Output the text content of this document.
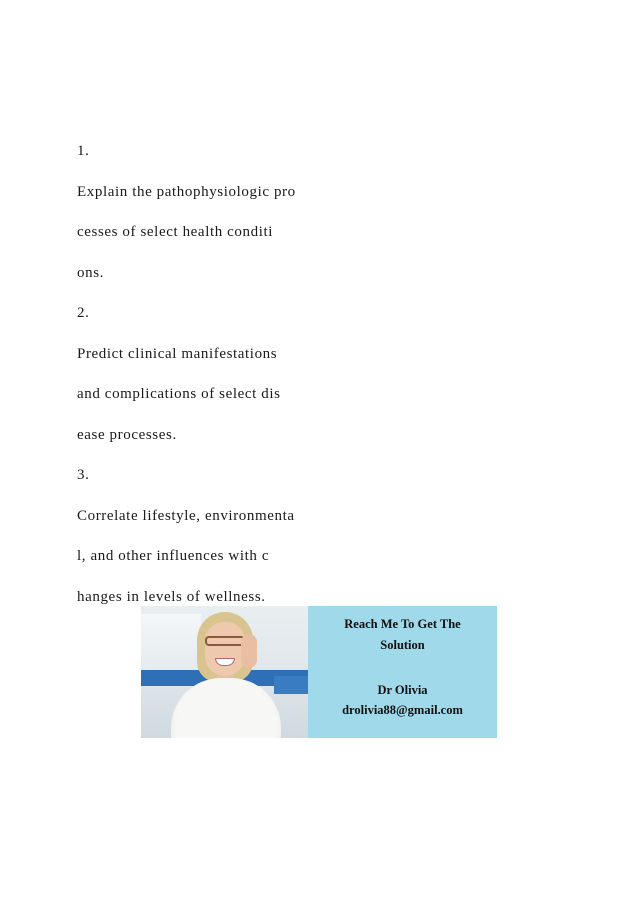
1.
Explain the pathophysiologic pro
cesses of select health conditi
ons.
2.
Predict clinical manifestations
and complications of select dis
ease processes.
3.
Correlate lifestyle, environmenta
l, and other influences with c
hanges in levels of wellness.
Reach Me To Get The
Solution
Dr Olivia
drolivia88@gmail.com
